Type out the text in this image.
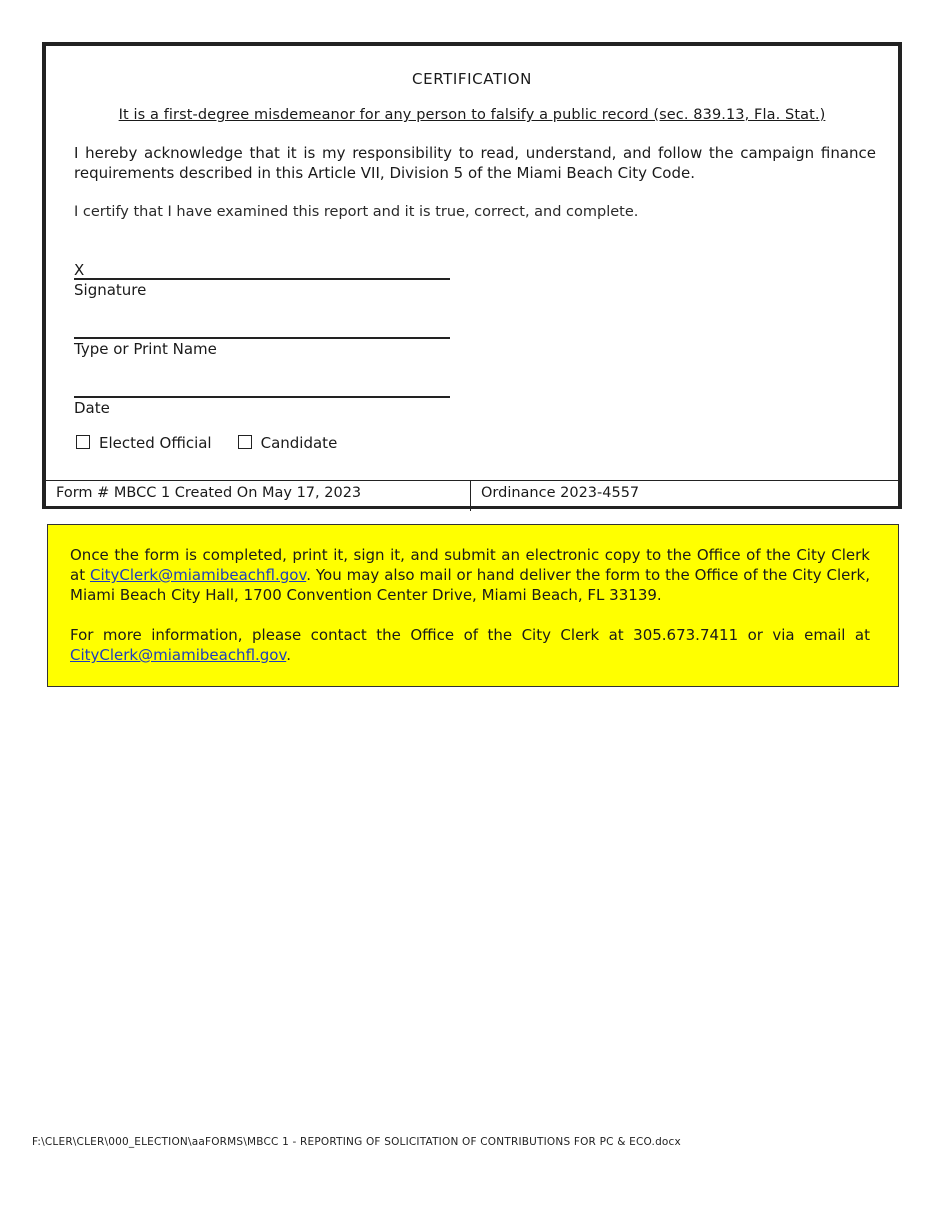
CERTIFICATION
It is a first-degree misdemeanor for any person to falsify a public record (sec. 839.13, Fla. Stat.)
I hereby acknowledge that it is my responsibility to read, understand, and follow the campaign finance requirements described in this Article VII, Division 5 of the Miami Beach City Code.
I certify that I have examined this report and it is true, correct, and complete.
X
Signature
Type or Print Name
Date
Elected Official	Candidate
Form # MBCC 1 Created On May 17, 2023	Ordinance 2023-4557

Once the form is completed, print it, sign it, and submit an electronic copy to the Office of the City Clerk at CityClerk@miamibeachfl.gov. You may also mail or hand deliver the form to the Office of the City Clerk, Miami Beach City Hall, 1700 Convention Center Drive, Miami Beach, FL 33139.

For more information, please contact the Office of the City Clerk at 305.673.7411 or via email at CityClerk@miamibeachfl.gov.

F:\CLER\CLER\000_ELECTION\aaFORMS\MBCC 1 - REPORTING OF SOLICITATION OF CONTRIBUTIONS FOR PC & ECO.docx
